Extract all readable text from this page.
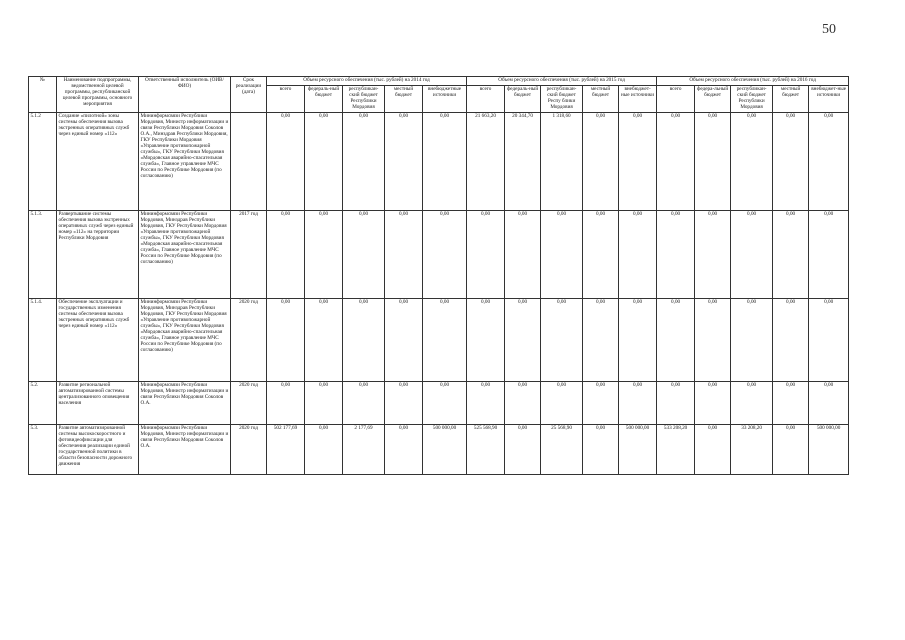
50
№	Наименование подпрограммы, ведомственной целевой программы, республиканской целевой программы, основного мероприятия	Ответственный исполнитель (ОИВ/ФИО)	Срок реализации (дата)	Объем ресурсного обеспечения (тыс. рублей) на 2014 год					Объем ресурсного обеспечения (тыс. рублей) на 2015 год					Объем ресурсного обеспечения (тыс. рублей) на 2016 год				
				всего	федераль-ный бюджет	республикан-ский бюджет Республики Мордовия	местный бюджет	внебюджетные источники	всего	федераль-ный бюджет	республикан-ский бюджет Респу блики Мордовия	местный бюджет	внебюджет-ные источники	всего	федера-льный бюджет	республикан-ский бюджет Республики Мордовия	местный бюджет	внебюджет-ные источники
5.1.2	Создание «пилотной» зоны системы обеспечения вызова экстренных оперативных служб через единый номер «112»	Мининформсвязи Республики Мордовия, Министр информатизации и связи Республики Мордовия Соколов О.А., Минздрав Республики Мордовия, ГКУ Республики Мордовия «Управление противопожарной службы», ГКУ Республики Мордовия «Мордовская аварийно-спасательная служба», Главное управление МЧС России по Республике Мордовия (по согласованию)		0,00	0,00	0,00	0,00	0,00	21 663,20	20 344,70	1 318,60	0,00	0,00	0,00	0,00	0,00	0,00	0,00
5.1.3.	Развертывание системы обеспечения вызова экстренных оперативных служб через единый номер «112» на территории Республики Мордовия	Мининформсвязи Республики Мордовия, Минздрав Республики Мордовия, ГКУ Республики Мордовия «Управление противопожарной службы», ГКУ Республики Мордовия «Мордовская аварийно-спасательная служба», Главное управление МЧС России по Республике Мордовия (по согласованию)	2017 год	0,00	0,00	0,00	0,00	0,00	0,00	0,00	0,00	0,00	0,00	0,00	0,00	0,00	0,00	0,00
5.1.4.	Обеспечение эксплуатации и государственных изменения системы обеспечения вызова экстренных оперативных служб через единый номер «112»	Мининформсвязи Республики Мордовия, Минздрав Республики Мордовия, ГКУ Республики Мордовия «Управление противопожарной службы», ГКУ Республики Мордовия «Мордовская аварийно-спасательная служба», Главное управление МЧС России по Республике Мордовия (по согласованию)	2020 год	0,00	0,00	0,00	0,00	0,00	0,00	0,00	0,00	0,00	0,00	0,00	0,00	0,00	0,00	0,00
5.2.	Развитие региональной автоматизированной системы централизованного оповещения населения	Мининформсвязи Республики Мордовия, Министр информатизации и связи Республики Мордовия Соколов О.А.	2020 год	0,00	0,00	0,00	0,00	0,00	0,00	0,00	0,00	0,00	0,00	0,00	0,00	0,00	0,00	0,00
5.3.	Развитие автоматизированной системы высокоскоростного и фотовидеофиксации для обеспечения реализации единой государственной политики в области безопасности дорожного движения	Мининформсвязи Республики Мордовия, Министр информатизации и связи Республики Мордовия Соколов О.А.	2020 год	502 177,69	0,00	2 177,69	0,00	500 000,00	525 568,90	0,00	25 568,90	0,00	500 000,00	533 208,20	0,00	33 208,20	0,00	500 000,00
